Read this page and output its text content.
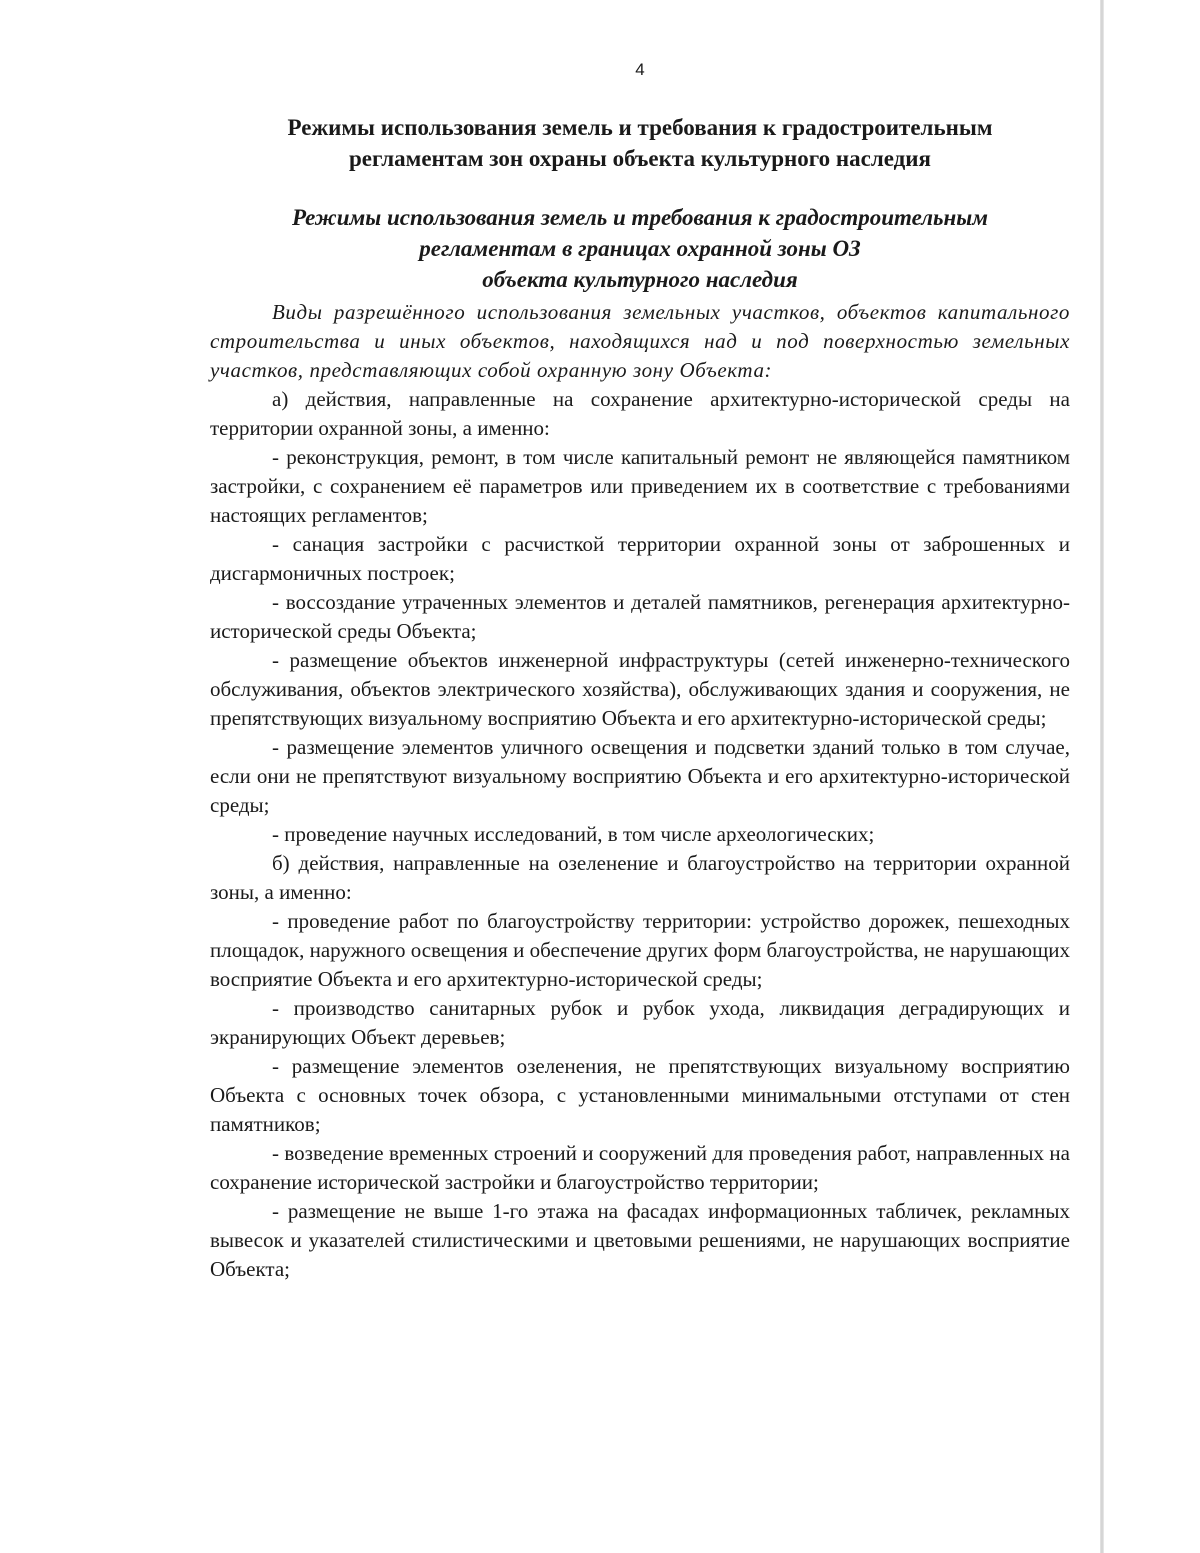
4
Режимы использования земель и требования к градостроительным
регламентам зон охраны объекта культурного наследия
Режимы использования земель и требования к градостроительным
регламентам в границах охранной зоны ОЗ
объекта культурного наследия

Виды разрешённого использования земельных участков, объектов капитального строительства и иных объектов, находящихся над и под поверхностью земельных участков, представляющих собой охранную зону Объекта:

а) действия, направленные на сохранение архитектурно-исторической среды на территории охранной зоны, а именно:

- реконструкция, ремонт, в том числе капитальный ремонт не являющейся памятником застройки, с сохранением её параметров или приведением их в соответствие с требованиями настоящих регламентов;

- санация застройки с расчисткой территории охранной зоны от заброшенных и дисгармоничных построек;

- воссоздание утраченных элементов и деталей памятников, регенерация архитектурно-исторической среды Объекта;

- размещение объектов инженерной инфраструктуры (сетей инженерно-технического обслуживания, объектов электрического хозяйства), обслуживающих здания и сооружения, не препятствующих визуальному восприятию Объекта и его архитектурно-исторической среды;

- размещение элементов уличного освещения и подсветки зданий только в том случае, если они не препятствуют визуальному восприятию Объекта и его архитектурно-исторической среды;

- проведение научных исследований, в том числе археологических;

б) действия, направленные на озеленение и благоустройство на территории охранной зоны, а именно:

- проведение работ по благоустройству территории: устройство дорожек, пешеходных площадок, наружного освещения и обеспечение других форм благоустройства, не нарушающих восприятие Объекта и его архитектурно-исторической среды;

- производство санитарных рубок и рубок ухода, ликвидация деградирующих и экранирующих Объект деревьев;

- размещение элементов озеленения, не препятствующих визуальному восприятию Объекта с основных точек обзора, с установленными минимальными отступами от стен памятников;

- возведение временных строений и сооружений для проведения работ, направленных на сохранение исторической застройки и благоустройство территории;

- размещение не выше 1-го этажа на фасадах информационных табличек, рекламных вывесок и указателей стилистическими и цветовыми решениями, не нарушающих восприятие Объекта;
